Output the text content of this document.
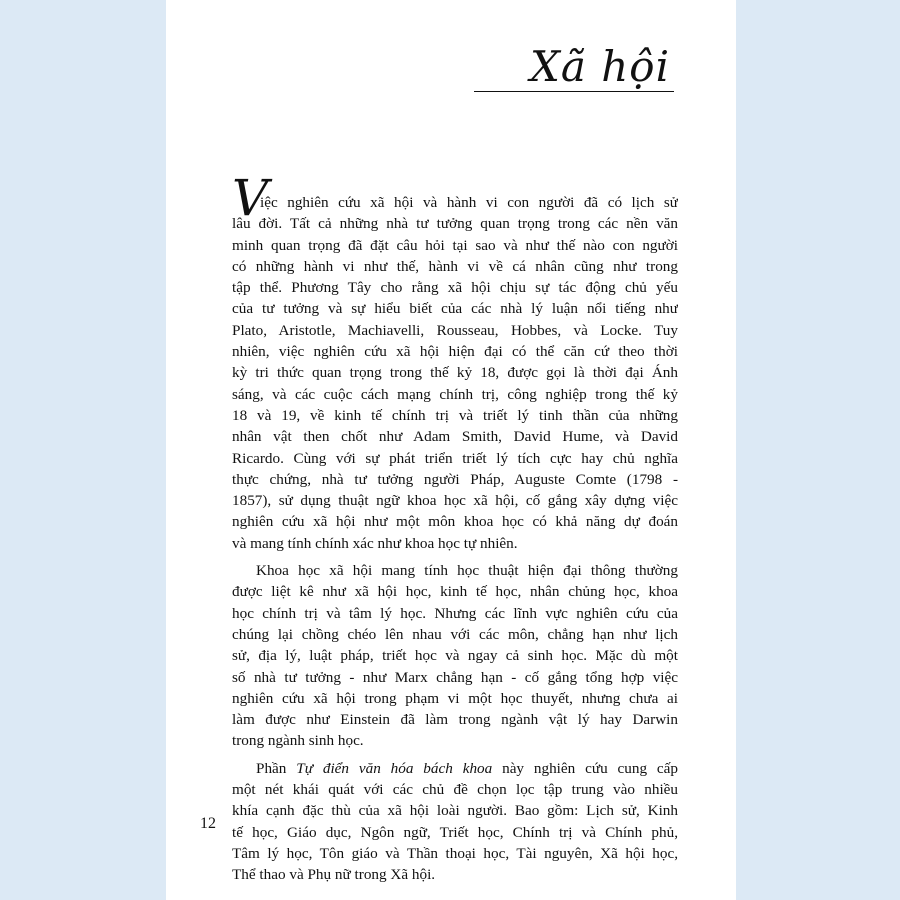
Xã hội
V
iệc nghiên cứu xã hội và hành vi con người đã có lịch sử
lâu đời. Tất cả những nhà tư tưởng quan trọng trong các nền văn
minh quan trọng đã đặt câu hỏi tại sao và như thế nào con người
có những hành vi như thế, hành vi về cá nhân cũng như trong
tập thể. Phương Tây cho rằng xã hội chịu sự tác động chủ yếu
của tư tưởng và sự hiểu biết của các nhà lý luận nổi tiếng như
Plato, Aristotle, Machiavelli, Rousseau, Hobbes, và Locke. Tuy
nhiên, việc nghiên cứu xã hội hiện đại có thể căn cứ theo thời
kỳ tri thức quan trọng trong thế kỷ 18, được gọi là thời đại Ánh
sáng, và các cuộc cách mạng chính trị, công nghiệp trong thế kỷ
18 và 19, về kinh tế chính trị và triết lý tinh thần của những
nhân vật then chốt như Adam Smith, David Hume, và David
Ricardo. Cùng với sự phát triển triết lý tích cực hay chủ nghĩa
thực chứng, nhà tư tưởng người Pháp, Auguste Comte (1798 -
1857), sử dụng thuật ngữ khoa học xã hội, cố gắng xây dựng việc
nghiên cứu xã hội như một môn khoa học có khả năng dự đoán
và mang tính chính xác như khoa học tự nhiên.
Khoa học xã hội mang tính học thuật hiện đại thông thường
được liệt kê như xã hội học, kinh tế học, nhân chủng học, khoa
học chính trị và tâm lý học. Nhưng các lĩnh vực nghiên cứu của
chúng lại chồng chéo lên nhau với các môn, chẳng hạn như lịch
sử, địa lý, luật pháp, triết học và ngay cả sinh học. Mặc dù một
số nhà tư tưởng - như Marx chẳng hạn - cố gắng tổng hợp việc
nghiên cứu xã hội trong phạm vi một học thuyết, nhưng chưa ai
làm được như Einstein đã làm trong ngành vật lý hay Darwin
trong ngành sinh học.
Phần Tự điển văn hóa bách khoa này nghiên cứu cung cấp
một nét khái quát với các chủ đề chọn lọc tập trung vào nhiều
khía cạnh đặc thù của xã hội loài người. Bao gồm: Lịch sử, Kinh
tế học, Giáo dục, Ngôn ngữ, Triết học, Chính trị và Chính phủ,
Tâm lý học, Tôn giáo và Thần thoại học, Tài nguyên, Xã hội học,
Thể thao và Phụ nữ trong Xã hội.
12
